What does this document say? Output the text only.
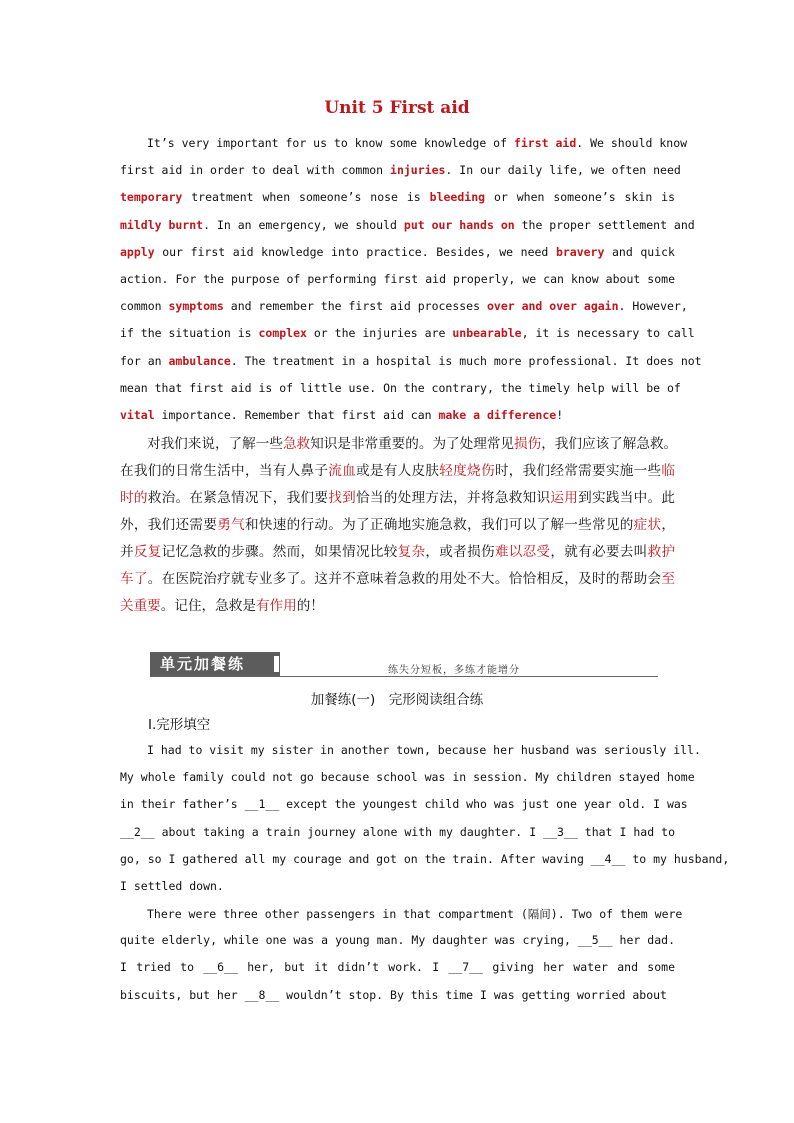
Unit 5 First aid
It’s very important for us to know some knowledge of first aid. We should know
first aid in order to deal with common injuries. In our daily life, we often need
temporary treatment when someone’s nose is bleeding or when someone’s skin is
mildly burnt. In an emergency, we should put our hands on the proper settlement and
apply our first aid knowledge into practice. Besides, we need bravery and quick
action. For the purpose of performing first aid properly, we can know about some
common symptoms and remember the first aid processes over and over again. However,
if the situation is complex or the injuries are unbearable, it is necessary to call
for an ambulance. The treatment in a hospital is much more professional. It does not
mean that first aid is of little use. On the contrary, the timely help will be of
vital importance. Remember that first aid can make a difference!
对我们来说，了解一些急救知识是非常重要的。为了处理常见损伤，我们应该了解急救。
在我们的日常生活中，当有人鼻子流血或是有人皮肤轻度烧伤时，我们经常需要实施一些临
时的救治。在紧急情况下，我们要找到恰当的处理方法，并将急救知识运用到实践当中。此
外，我们还需要勇气和快速的行动。为了正确地实施急救，我们可以了解一些常见的症状，
并反复记忆急救的步骤。然而，如果情况比较复杂，或者损伤难以忍受，就有必要去叫救护
车了。在医院治疗就专业多了。这并不意味着急救的用处不大。恰恰相反，及时的帮助会至
关重要。记住，急救是有作用的！
单元加餐练	练失分短板，多练才能增分
加餐练(一)　完形阅读组合练
Ⅰ.完形填空
I had to visit my sister in another town, because her husband was seriously ill.
My whole family could not go because school was in session. My children stayed home
in their father’s __1__ except the youngest child who was just one year old. I was
__2__ about taking a train journey alone with my daughter. I __3__ that I had to
go, so I gathered all my courage and got on the train. After waving __4__ to my husband,
I settled down.
There were three other passengers in that compartment (隔间). Two of them were
quite elderly, while one was a young man. My daughter was crying, __5__ her dad.
I tried to __6__ her, but it didn’t work. I __7__ giving her water and some
biscuits, but her __8__ wouldn’t stop. By this time I was getting worried about
